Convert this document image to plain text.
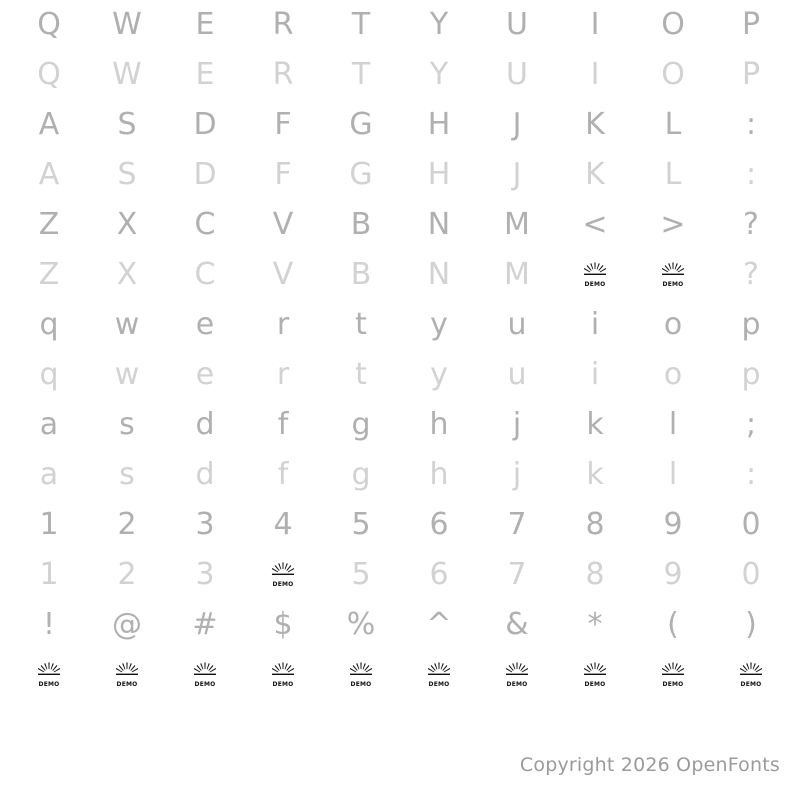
Q	W	E	R	T	Y	U	I	O	P
Q	W	E	R	T	Y	U	I	O	P
A	S	D	F	G	H	J	K	L	:
A	S	D	F	G	H	J	K	L	:
Z	X	C	V	B	N	M	<	>	?
Z	X	C	V	B	N	M	DEMO	DEMO	?
q	w	e	r	t	y	u	i	o	p
q	w	e	r	t	y	u	i	o	p
a	s	d	f	g	h	j	k	l	;
a	s	d	f	g	h	j	k	l	:
1	2	3	4	5	6	7	8	9	0
1	2	3	DEMO	5	6	7	8	9	0
!	@	#	$	%	^	&	*	(	)
DEMO	DEMO	DEMO	DEMO	DEMO	DEMO	DEMO	DEMO	DEMO	DEMO
Copyright 2026 OpenFonts
